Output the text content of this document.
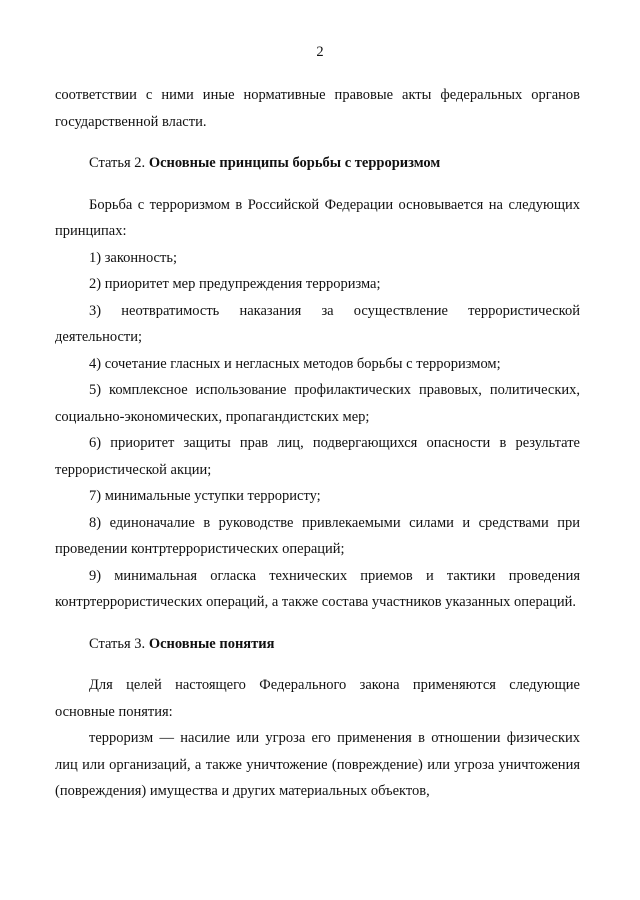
2

соответствии с ними иные нормативные правовые акты федеральных органов государственной власти.

Статья 2. Основные принципы борьбы с терроризмом

Борьба с терроризмом в Российской Федерации основывается на следующих принципах:

1) законность;

2) приоритет мер предупреждения терроризма;

3) неотвратимость наказания за осуществление террористической деятельности;

4) сочетание гласных и негласных методов борьбы с терроризмом;

5) комплексное использование профилактических правовых, политических, социально-экономических, пропагандистских мер;

6) приоритет защиты прав лиц, подвергающихся опасности в результате террористической акции;

7) минимальные уступки террористу;

8) единоначалие в руководстве привлекаемыми силами и средствами при проведении контртеррористических операций;

9) минимальная огласка технических приемов и тактики проведения контртеррористических операций, а также состава участников указанных операций.

Статья 3. Основные понятия

Для целей настоящего Федерального закона применяются следующие основные понятия:

терроризм — насилие или угроза его применения в отношении физических лиц или организаций, а также уничтожение (повреждение) или угроза уничтожения (повреждения) имущества и других материальных объектов,
